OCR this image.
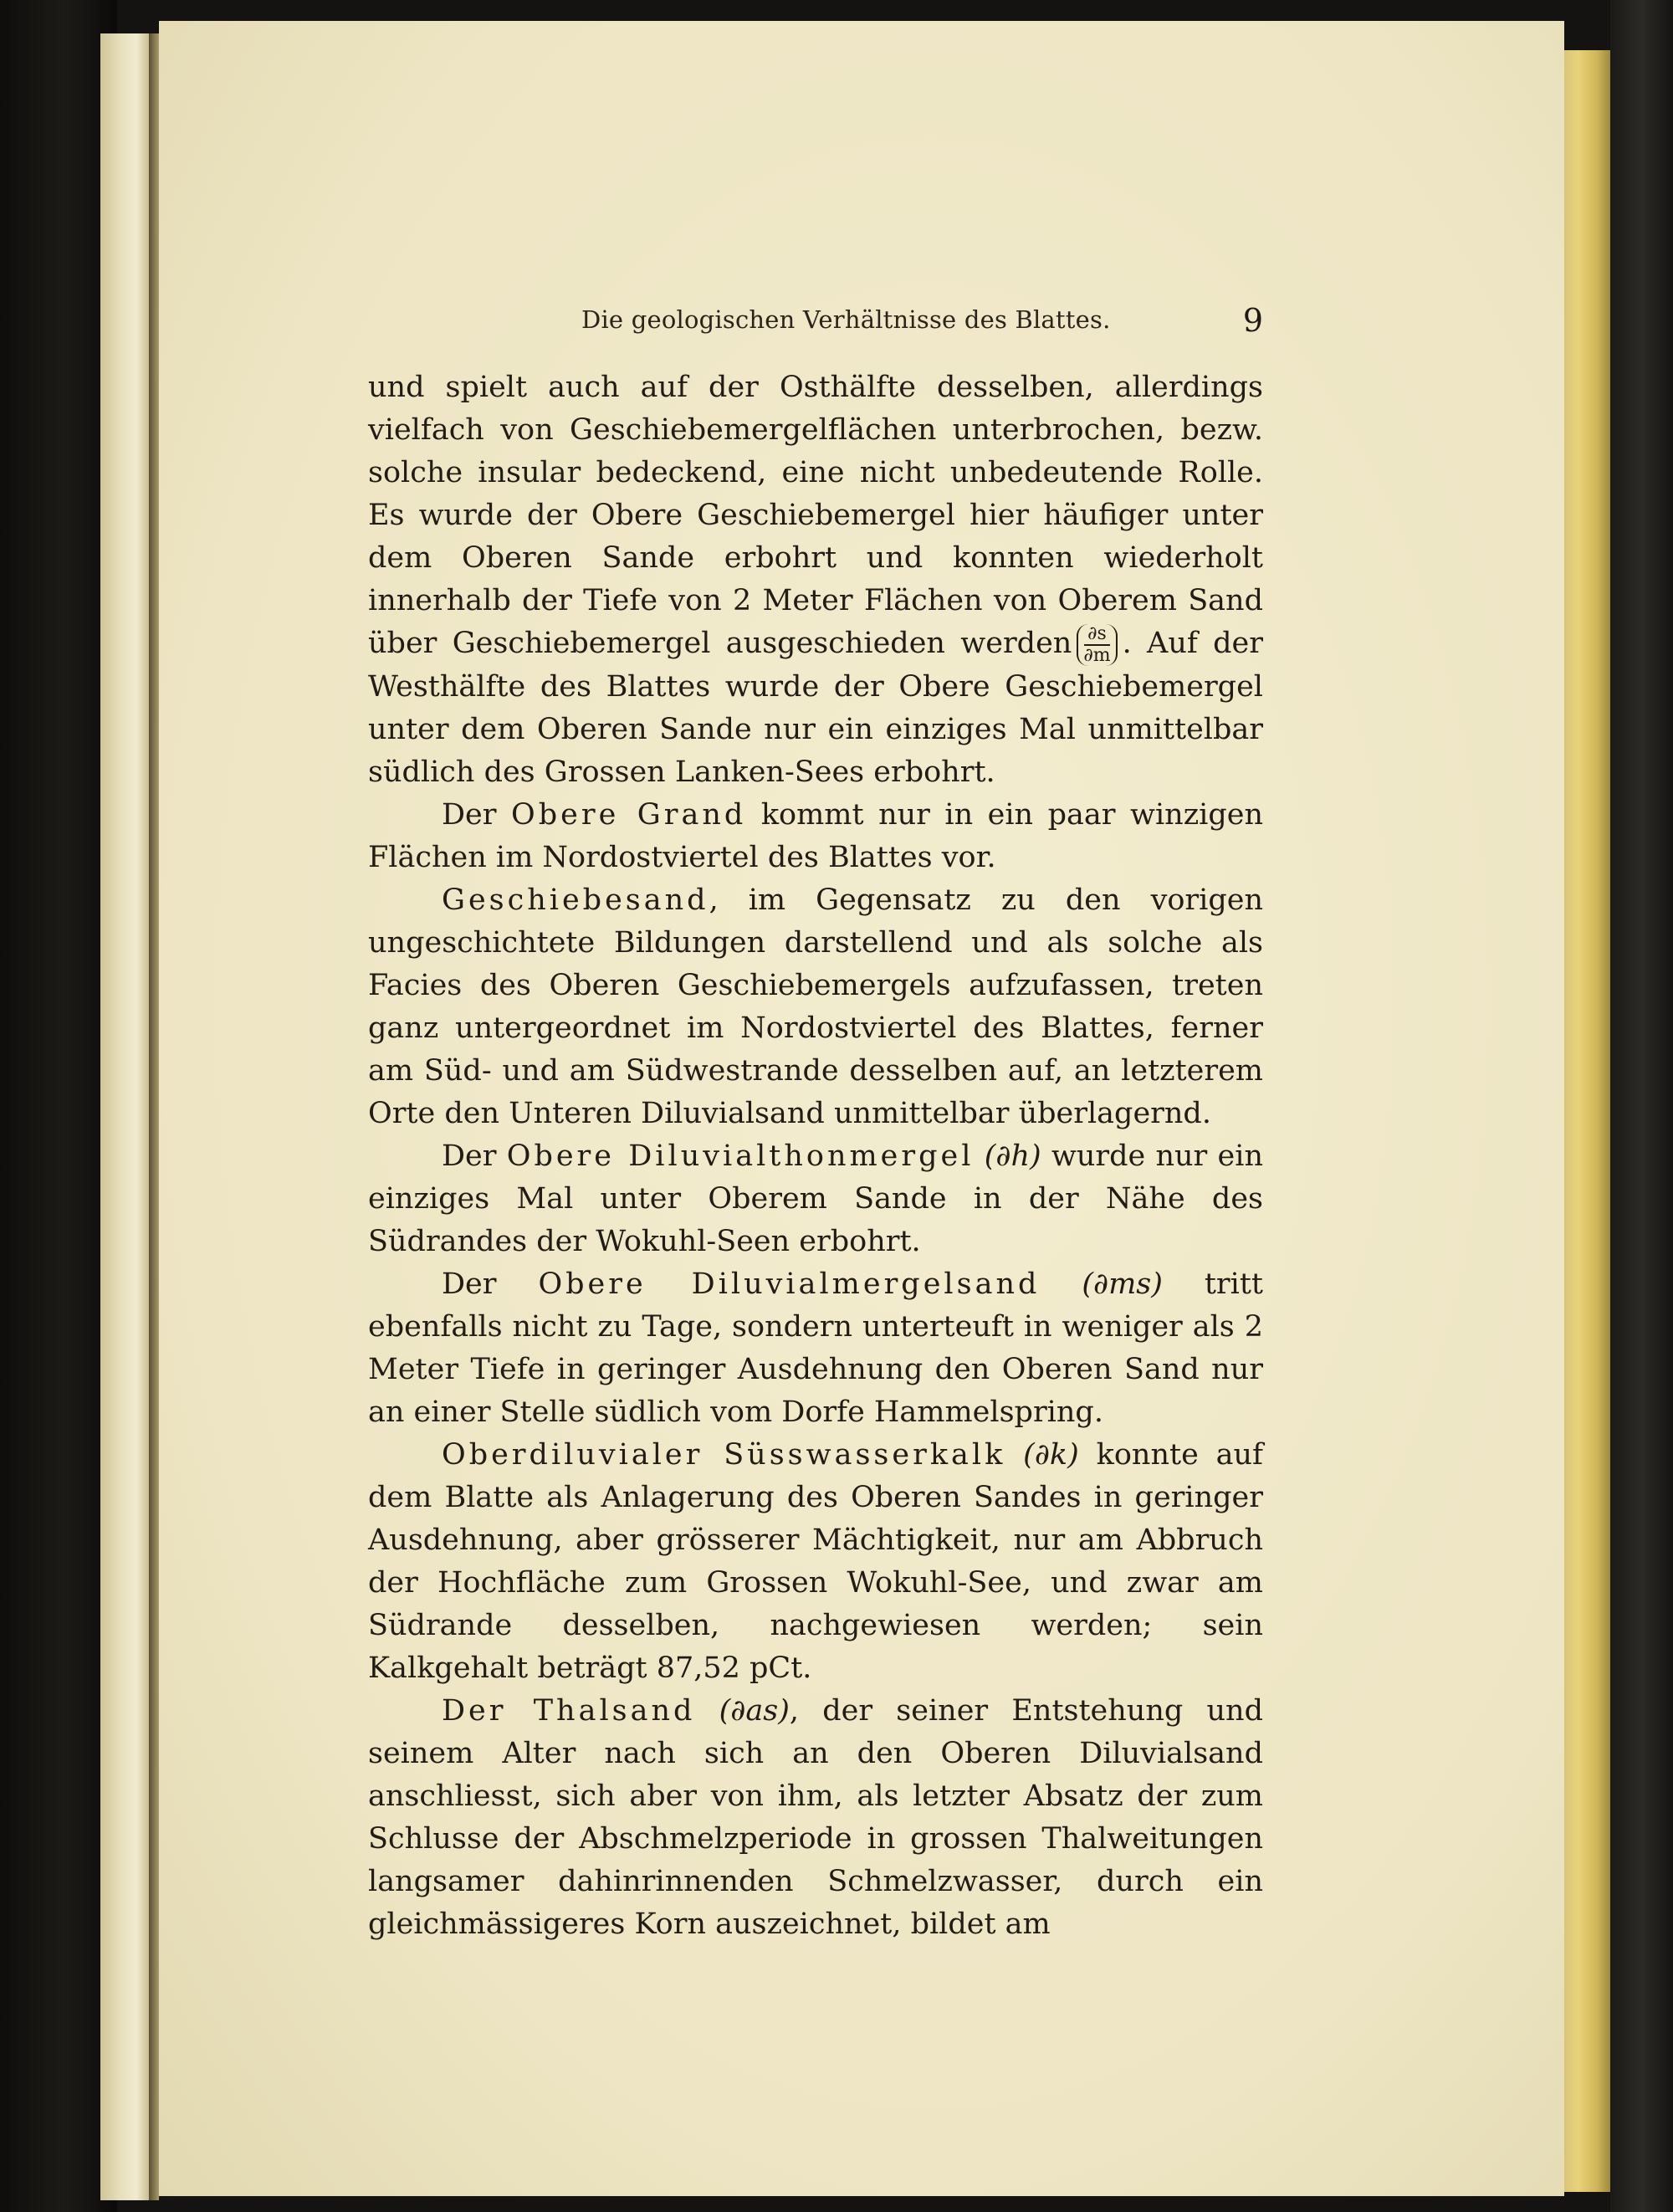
Die geologischen Verhältnisse des Blattes.	9

und spielt auch auf der Osthälfte desselben, allerdings vielfach von Geschiebemergelflächen unterbrochen, bezw. solche insular bedeckend, eine nicht unbedeutende Rolle. Es wurde der Obere Geschiebemergel hier häufiger unter dem Oberen Sande erbohrt und konnten wiederholt innerhalb der Tiefe von 2 Meter Flächen von Oberem Sand über Geschiebemergel ausgeschieden werden $\frac{\partial s}{\partial m}$ . Auf der Westhälfte des Blattes wurde der Obere Geschiebemergel unter dem Oberen Sande nur ein einziges Mal unmittelbar südlich des Grossen Lanken-Sees erbohrt.

Der Obere Grand kommt nur in ein paar winzigen Flächen im Nordostviertel des Blattes vor.

Geschiebesand, im Gegensatz zu den vorigen ungeschichtete Bildungen darstellend und als solche als Facies des Oberen Geschiebemergels aufzufassen, treten ganz untergeordnet im Nordostviertel des Blattes, ferner am Süd- und am Südwestrande desselben auf, an letzterem Orte den Unteren Diluvialsand unmittelbar überlagernd.

Der Obere Diluvialthonmergel (∂h) wurde nur ein einziges Mal unter Oberem Sande in der Nähe des Südrandes der Wokuhl-Seen erbohrt.

Der Obere Diluvialmergelsand (∂ms) tritt ebenfalls nicht zu Tage, sondern unterteuft in weniger als 2 Meter Tiefe in geringer Ausdehnung den Oberen Sand nur an einer Stelle südlich vom Dorfe Hammelspring.

Oberdiluvialer Süsswasserkalk (∂k) konnte auf dem Blatte als Anlagerung des Oberen Sandes in geringer Ausdehnung, aber grösserer Mächtigkeit, nur am Abbruch der Hochfläche zum Grossen Wokuhl-See, und zwar am Südrande desselben, nachgewiesen werden; sein Kalkgehalt beträgt 87,52 pCt.

Der Thalsand (∂as), der seiner Entstehung und seinem Alter nach sich an den Oberen Diluvialsand anschliesst, sich aber von ihm, als letzter Absatz der zum Schlusse der Abschmelzperiode in grossen Thalweitungen langsamer dahinrinnenden Schmelzwasser, durch ein gleichmässigeres Korn auszeichnet, bildet am
